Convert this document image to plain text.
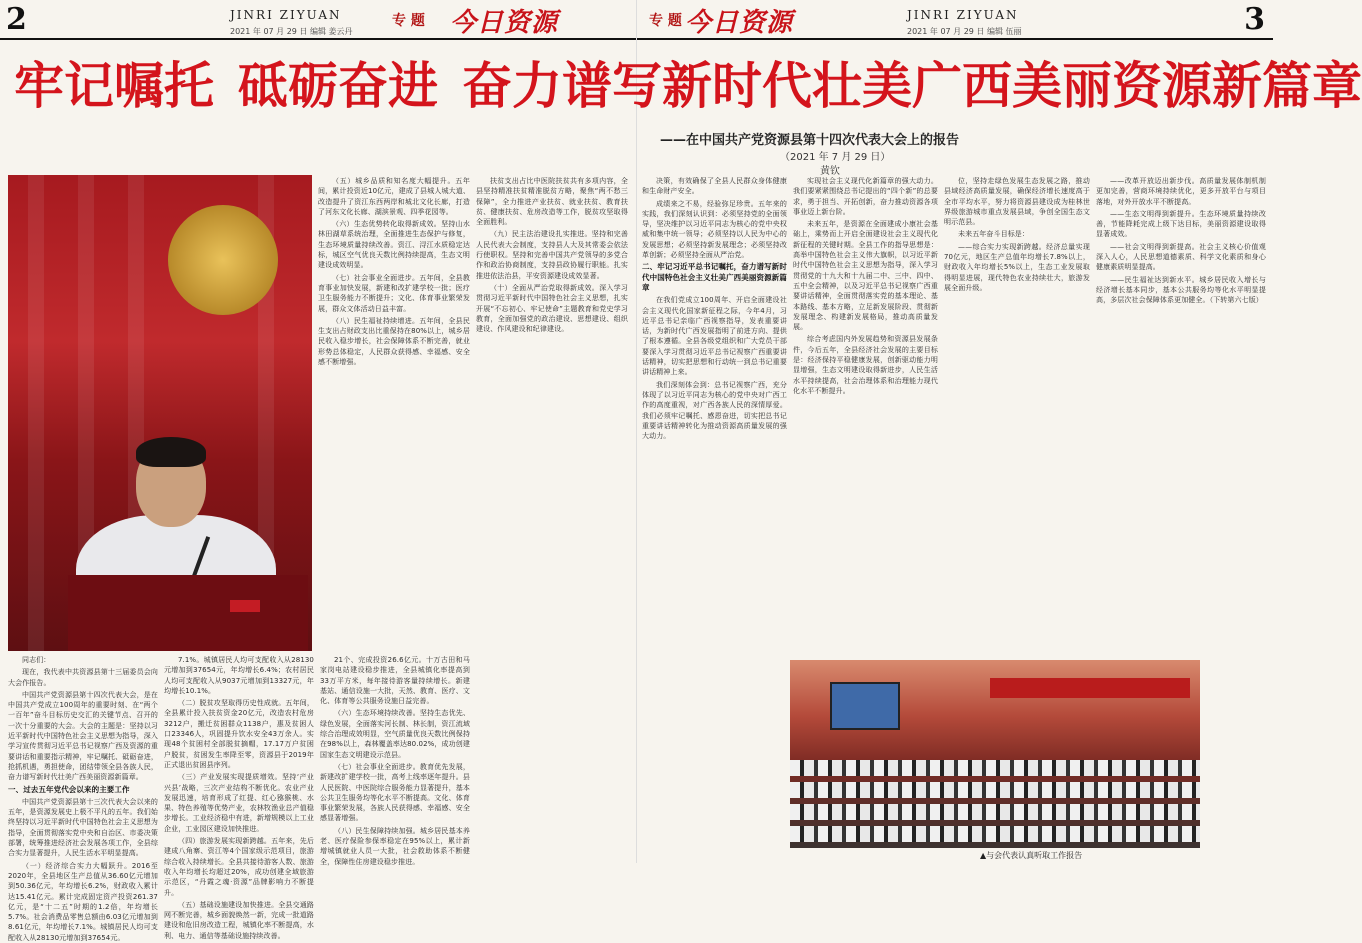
2	JINRI ZIYUAN
2021 年 07 月 29 日 编辑 姜云丹
专 题 今日资源	今日资源
专 题	JINRI ZIYUAN
2021 年 07 月 29 日 编辑 伍丽	3
牢记嘱托 砥砺奋进 奋力谱写新时代壮美广西美丽资源新篇章
——在中国共产党资源县第十四次代表大会上的报告
（2021 年 7 月 29 日）
黄钦

同志们：

现在，我代表中共资源县第十三届委员会向大会作报告。

中国共产党资源县第十四次代表大会，是在中国共产党成立100周年的重要时刻、在“两个一百年”奋斗目标历史交汇的关键节点、召开的一次十分重要的大会。大会的主题是：坚持以习近平新时代中国特色社会主义思想为指导，深入学习宣传贯彻习近平总书记视察广西及资源的重要讲话和重要指示精神，牢记嘱托、砥砺奋进，抢抓机遇，勇担使命，团结带领全县各族人民，奋力谱写新时代壮美广西美丽资源新篇章。

一、过去五年党代会以来的主要工作

中国共产党资源县第十三次代表大会以来的五年，是资源发展史上极不平凡的五年。我们始终坚持以习近平新时代中国特色社会主义思想为指导，全面贯彻落实党中央和自治区、市委决策部署，统筹推进经济社会发展各项工作，全县综合实力显著提升，人民生活水平明显提高。

（一）经济综合实力大幅跃升。2016至2020年，全县地区生产总值从36.60亿元增加到50.36亿元，年均增长6.2%，财政收入累计达15.41亿元。累计完成固定资产投资261.37亿元，是“十二五”时期的1.2倍，年均增长5.7%。社会消费品零售总额由6.03亿元增加到8.61亿元，年均增长7.1%。城镇居民人均可支配收入从28130元增加到37654元。

7.1%。城镇居民人均可支配收入从28130元增加到37654元，年均增长6.4%；农村居民人均可支配收入从9037元增加到13327元，年均增长10.1%。

（二）脱贫攻坚取得历史性成就。五年间，全县累计投入扶贫资金20亿元，改造农村危房3212户，搬迁贫困群众1138户，惠及贫困人口23346人，巩固提升饮水安全43万余人。实现48个贫困村全部脱贫摘帽，17.17万户贫困户脱贫，贫困发生率降至零，资源县于2019年正式退出贫困县序列。

（三）产业发展实现提质增效。坚持‘产业兴县’战略，三次产业结构不断优化。农业产业发展迅速，培育形成了红提、红心猕猴桃、水果、特色养殖等优势产业，农林牧渔业总产值稳步增长。工业经济稳中有进，新增规模以上工业企业，工业园区建设加快推进。

（四）旅游发展实现新跨越。五年来，先后建成八角寨、资江等4个国家级示范项目，旅游综合收入持续增长。全县共接待游客人数、旅游收入年均增长均超过20%，成功创建全域旅游示范区，“丹霞之魂·资源”品牌影响力不断提升。

（五）基础设施建设加快推进。全县交通路网不断完善，城乡面貌焕然一新，完成一批道路建设和危旧房改造工程，城镇化率不断提高，水利、电力、通信等基础设施持续改善。

21个、完成投资26.6亿元。十万古田和马家岗电站建设稳步推进，全县城镇化率提高到33万平方米，每年接待游客量持续增长。新建基站、通信设施一大批，天然、教育、医疗、文化、体育等公共服务设施日益完善。

（六）生态环境持续改善。坚持生态优先、绿色发展，全面落实河长制、林长制，资江流域综合治理成效明显，空气质量优良天数比例保持在98%以上，森林覆盖率达80.02%，成功创建国家生态文明建设示范县。

（七）社会事业全面进步。教育优先发展，新建改扩建学校一批，高考上线率逐年提升。县人民医院、中医院综合服务能力显著提升，基本公共卫生服务均等化水平不断提高。文化、体育事业繁荣发展，各族人民获得感、幸福感、安全感显著增强。

（八）民生保障持续加强。城乡居民基本养老、医疗保险参保率稳定在95%以上，累计新增城镇就业人员一大批，社会救助体系不断健全，保障性住房建设稳步推进。

（五）城乡品质和知名度大幅提升。五年间，累计投资近10亿元，建成了县城人城大道、改造提升了资江东西两岸和城北文化长廊，打造了河东文化长廊、湖滨景观、四季花园等。

（六）生态优势转化取得新成效。坚持山水林田湖草系统治理，全面推进生态保护与修复，生态环境质量持续改善。资江、浔江水质稳定达标，城区空气优良天数比例持续提高，生态文明建设成效明显。

（七）社会事业全面进步。五年间，全县教育事业加快发展，新建和改扩建学校一批；医疗卫生服务能力不断提升；文化、体育事业繁荣发展，群众文体活动日益丰富。

（八）民生福祉持续增进。五年间，全县民生支出占财政支出比重保持在80%以上，城乡居民收入稳步增长，社会保障体系不断完善，就业形势总体稳定，人民群众获得感、幸福感、安全感不断增强。

扶贫支出占比中医院扶贫共有多项内容，全县坚持精准扶贫精准脱贫方略，聚焦“两不愁三保障”，全力推进产业扶贫、就业扶贫、教育扶贫、健康扶贫、危房改造等工作，脱贫攻坚取得全面胜利。

（九）民主法治建设扎实推进。坚持和完善人民代表大会制度，支持县人大及其常委会依法行使职权。坚持和完善中国共产党领导的多党合作和政治协商制度，支持县政协履行职能。扎实推进依法治县，平安资源建设成效显著。

（十）全面从严治党取得新成效。深入学习贯彻习近平新时代中国特色社会主义思想，扎实开展“不忘初心、牢记使命”主题教育和党史学习教育，全面加强党的政治建设、思想建设、组织建设、作风建设和纪律建设。

决策，有效确保了全县人民群众身体健康和生命财产安全。

成绩来之不易，经验弥足珍贵。五年来的实践，我们深刻认识到：必须坚持党的全面领导，坚决维护以习近平同志为核心的党中央权威和集中统一领导；必须坚持以人民为中心的发展思想；必须坚持新发展理念；必须坚持改革创新；必须坚持全面从严治党。

二、牢记习近平总书记嘱托，奋力谱写新时代中国特色社会主义壮美广西美丽资源新篇章

在我们党成立100周年、开启全面建设社会主义现代化国家新征程之际，今年4月，习近平总书记亲临广西视察指导，发表重要讲话，为新时代广西发展指明了前进方向、提供了根本遵循。全县各级党组织和广大党员干部要深入学习贯彻习近平总书记视察广西重要讲话精神，切实把思想和行动统一到总书记重要讲话精神上来。

我们深刻体会到：总书记视察广西，充分体现了以习近平同志为核心的党中央对广西工作的高度重视，对广西各族人民的深情厚爱。我们必须牢记嘱托、感恩奋进，切实把总书记重要讲话精神转化为推动资源高质量发展的强大动力。

实现社会主义现代化新篇章的强大动力。我们要紧紧围绕总书记提出的“四个新”的总要求，勇于担当、开拓创新，奋力推动资源各项事业迈上新台阶。

未来五年，是资源在全面建成小康社会基础上，乘势而上开启全面建设社会主义现代化新征程的关键时期。全县工作的指导思想是：高举中国特色社会主义伟大旗帜，以习近平新时代中国特色社会主义思想为指导，深入学习贯彻党的十九大和十九届二中、三中、四中、五中全会精神，以及习近平总书记视察广西重要讲话精神，全面贯彻落实党的基本理论、基本路线、基本方略，立足新发展阶段、贯彻新发展理念、构建新发展格局，推动高质量发展。

综合考虑国内外发展趋势和资源县发展条件，今后五年，全县经济社会发展的主要目标是：经济保持平稳健康发展，创新驱动能力明显增强，生态文明建设取得新进步，人民生活水平持续提高，社会治理体系和治理能力现代化水平不断提升。

位，坚持走绿色发展生态发展之路，推动县域经济高质量发展，确保经济增长速度高于全市平均水平，努力将资源县建设成为桂林世界级旅游城市重点发展县域，争创全国生态文明示范县。

未来五年奋斗目标是：

——综合实力实现新跨越。经济总量实现70亿元，地区生产总值年均增长7.8%以上，财政收入年均增长5%以上，生态工业发展取得明显进展，现代特色农业持续壮大，旅游发展全面升级。

——改革开放迈出新步伐。高质量发展体制机制更加完善，营商环境持续优化，更多开放平台与项目落地，对外开放水平不断提高。

——生态文明得到新提升。生态环境质量持续改善，节能降耗完成上级下达目标，美丽资源建设取得显著成效。

——社会文明得到新提高。社会主义核心价值观深入人心，人民思想道德素质、科学文化素质和身心健康素质明显提高。

——民生福祉达到新水平。城乡居民收入增长与经济增长基本同步，基本公共服务均等化水平明显提高，多层次社会保障体系更加健全。（下转第六七版）

▲与会代表认真听取工作报告
